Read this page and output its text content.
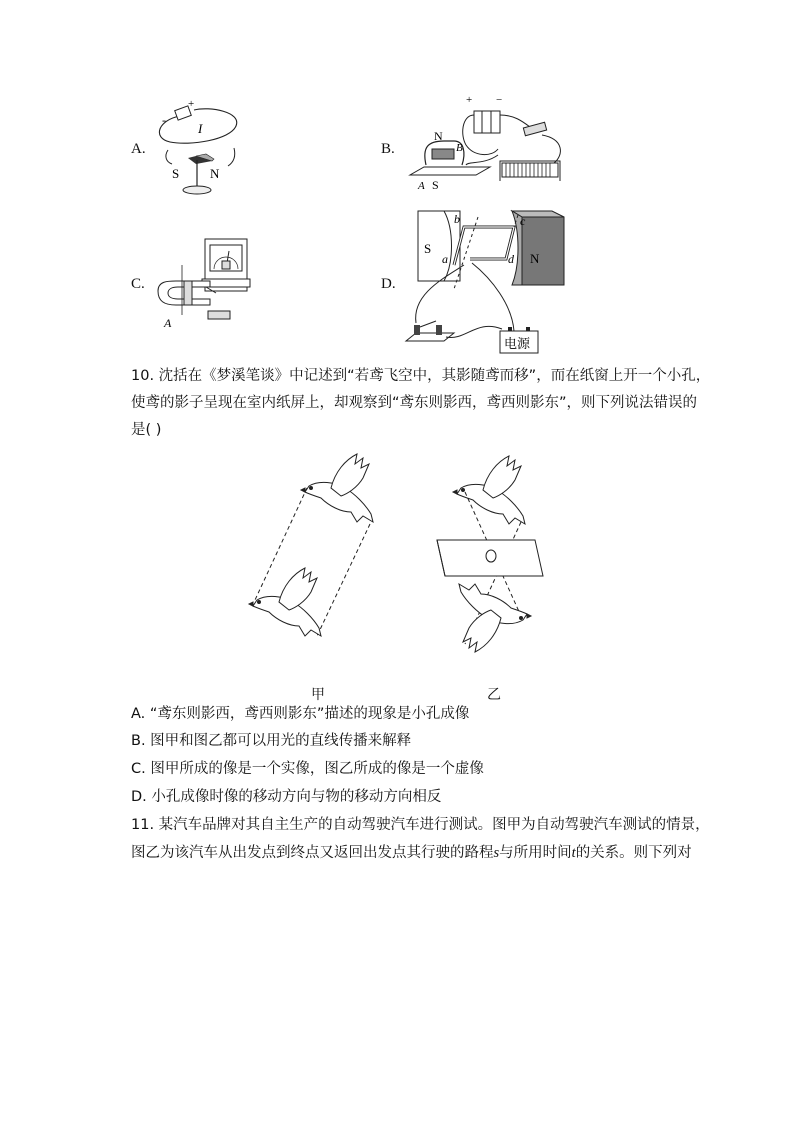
A.
-
+
I
S N
B.
+ −
N
B
A S
C.
A
D.
S
N
b
a
c
d
电源
10. 沈括在《梦溪笔谈》中记述到“若鸢飞空中，其影随鸢而移”，而在纸窗上开一个小孔，
使鸢的影子呈现在室内纸屏上，却观察到“鸢东则影西，鸢西则影东”，则下列说法错误的
是( )
甲	乙
A. “鸢东则影西，鸢西则影东”描述的现象是小孔成像
B. 图甲和图乙都可以用光的直线传播来解释
C. 图甲所成的像是一个实像，图乙所成的像是一个虚像
D. 小孔成像时像的移动方向与物的移动方向相反
11. 某汽车品牌对其自主生产的自动驾驶汽车进行测试。图甲为自动驾驶汽车测试的情景，
图乙为该汽车从出发点到终点又返回出发点其行驶的路程s与所用时间t的关系。则下列对
